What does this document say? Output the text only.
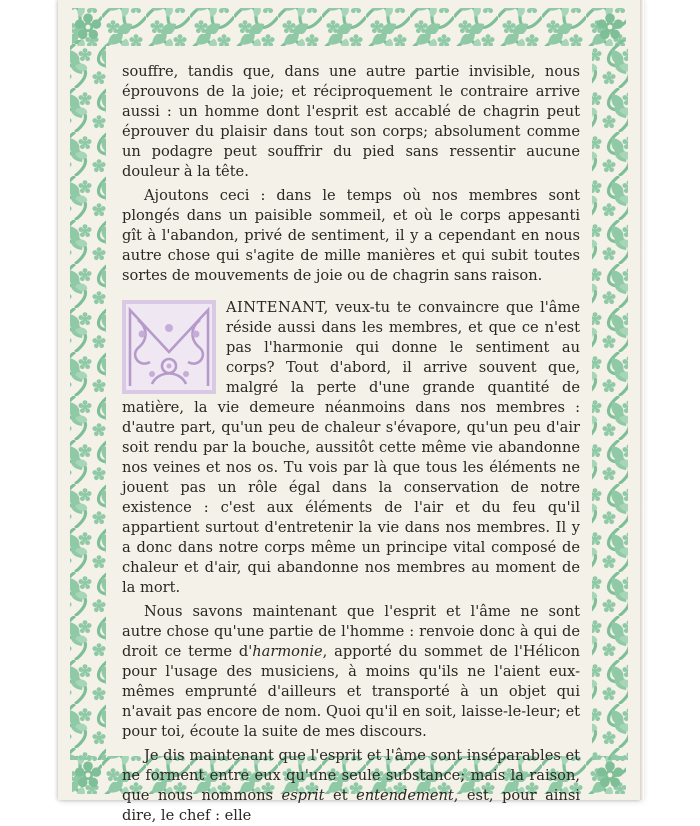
souffre, tandis que, dans une autre partie invisible, nous éprouvons de la joie; et réciproquement le contraire arrive aussi : un homme dont l'esprit est accablé de chagrin peut éprouver du plaisir dans tout son corps; absolument comme un podagre peut souffrir du pied sans ressentir aucune douleur à la tête.

Ajoutons ceci : dans le temps où nos membres sont plongés dans un paisible sommeil, et où le corps appesanti gît à l'abandon, privé de sentiment, il y a cependant en nous autre chose qui s'agite de mille manières et qui subit toutes sortes de mouvements de joie ou de chagrin sans raison.

AINTENANT, veux-tu te convaincre que l'âme réside aussi dans les membres, et que ce n'est pas l'harmonie qui donne le sentiment au corps? Tout d'abord, il arrive souvent que, malgré la perte d'une grande quantité de matière, la vie demeure néanmoins dans nos membres : d'autre part, qu'un peu de chaleur s'évapore, qu'un peu d'air soit rendu par la bouche, aussitôt cette même vie abandonne nos veines et nos os. Tu vois par là que tous les éléments ne jouent pas un rôle égal dans la conservation de notre existence : c'est aux éléments de l'air et du feu qu'il appartient surtout d'entretenir la vie dans nos membres. Il y a donc dans notre corps même un principe vital composé de chaleur et d'air, qui abandonne nos membres au moment de la mort.

Nous savons maintenant que l'esprit et l'âme ne sont autre chose qu'une partie de l'homme : renvoie donc à qui de droit ce terme d'harmonie, apporté du sommet de l'Hélicon pour l'usage des musiciens, à moins qu'ils ne l'aient eux-mêmes emprunté d'ailleurs et transporté à un objet qui n'avait pas encore de nom. Quoi qu'il en soit, laisse-le-leur; et pour toi, écoute la suite de mes discours.

Je dis maintenant que l'esprit et l'âme sont inséparables et ne forment entre eux qu'une seule substance; mais la raison, que nous nommons esprit et entendement, est, pour ainsi dire, le chef : elle
